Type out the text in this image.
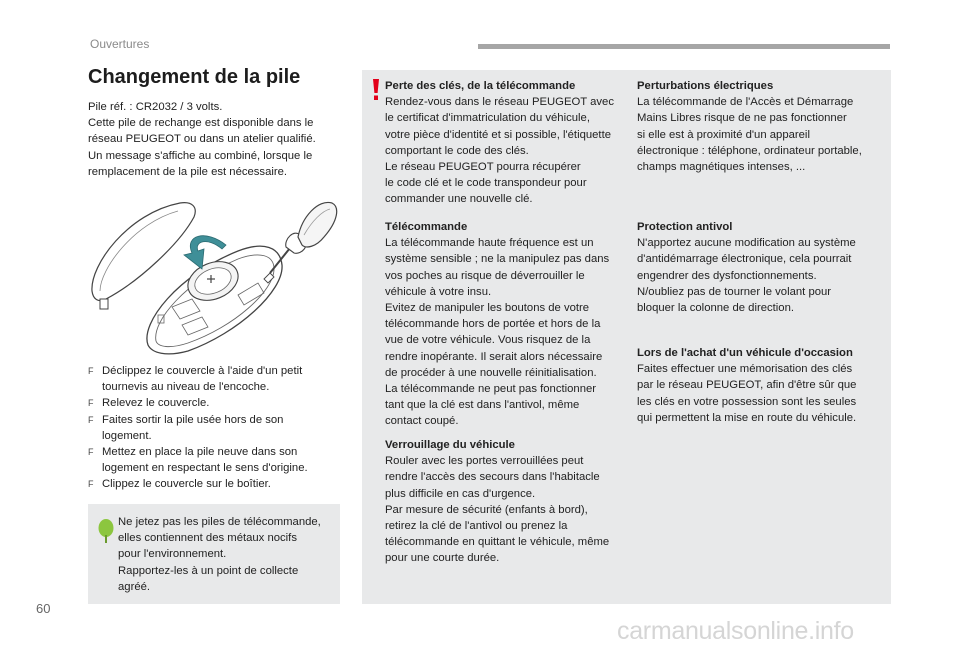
Ouvertures
Changement de la pile
Pile réf. : CR2032 / 3 volts.
Cette pile de rechange est disponible dans le
réseau PEUGEOT ou dans un atelier qualifié.
Un message s'affiche au combiné, lorsque le
remplacement de la pile est nécessaire.
F Déclippez le couvercle à l'aide d'un petit
tournevis au niveau de l'encoche.
F Relevez le couvercle.
F Faites sortir la pile usée hors de son
logement.
F Mettez en place la pile neuve dans son
logement en respectant le sens d'origine.
F Clippez le couvercle sur le boîtier.
Ne jetez pas les piles de télécommande,
elles contiennent des métaux nocifs
pour l'environnement.
Rapportez-les à un point de collecte
agréé.
Perte des clés, de la télécommande
Rendez-vous dans le réseau PEUGEOT avec
le certificat d'immatriculation du véhicule,
votre pièce d'identité et si possible, l'étiquette
comportant le code des clés.
Le réseau PEUGEOT pourra récupérer
le code clé et le code transpondeur pour
commander une nouvelle clé.
Télécommande
La télécommande haute fréquence est un
système sensible ; ne la manipulez pas dans
vos poches au risque de déverrouiller le
véhicule à votre insu.
Evitez de manipuler les boutons de votre
télécommande hors de portée et hors de la
vue de votre véhicule. Vous risquez de la
rendre inopérante. Il serait alors nécessaire
de procéder à une nouvelle réinitialisation.
La télécommande ne peut pas fonctionner
tant que la clé est dans l'antivol, même
contact coupé.
Verrouillage du véhicule
Rouler avec les portes verrouillées peut
rendre l'accès des secours dans l'habitacle
plus difficile en cas d'urgence.
Par mesure de sécurité (enfants à bord),
retirez la clé de l'antivol ou prenez la
télécommande en quittant le véhicule, même
pour une courte durée.
Perturbations électriques
La télécommande de l'Accès et Démarrage
Mains Libres risque de ne pas fonctionner
si elle est à proximité d'un appareil
électronique : téléphone, ordinateur portable,
champs magnétiques intenses, ...
Protection antivol
N'apportez aucune modification au système
d'antidémarrage électronique, cela pourrait
engendrer des dysfonctionnements.
N/oubliez pas de tourner le volant pour
bloquer la colonne de direction.
Lors de l'achat d'un véhicule d'occasion
Faites effectuer une mémorisation des clés
par le réseau PEUGEOT, afin d'être sûr que
les clés en votre possession sont les seules
qui permettent la mise en route du véhicule.
60
carmanualsonline.info
